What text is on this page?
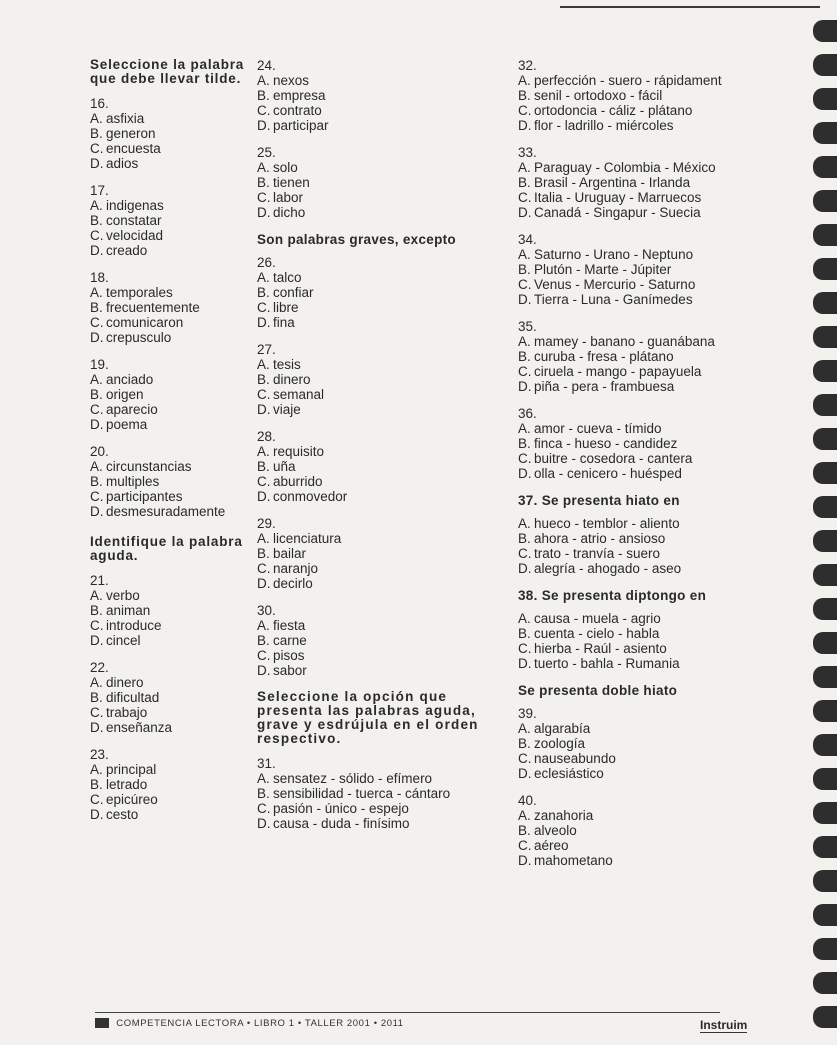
Seleccione la palabra que debe llevar tilde.
16.
A. asfixia
B. generon
C. encuesta
D. adios
17.
A. indigenas
B. constatar
C. velocidad
D. creado
18.
A. temporales
B. frecuentemente
C. comunicaron
D. crepusculo
19.
A. anciado
B. origen
C. aparecio
D. poema
20.
A. circunstancias
B. multiples
C. participantes
D. desmesuradamente
Identifique la palabra aguda.
21.
A. verbo
B. animan
C. introduce
D. cincel
22.
A. dinero
B. dificultad
C. trabajo
D. enseñanza
23.
A. principal
B. letrado
C. epicúreo
D. cesto
24.
A. nexos
B. empresa
C. contrato
D. participar
25.
A. solo
B. tienen
C. labor
D. dicho
Son palabras graves, excepto
26.
A. talco
B. confiar
C. libre
D. fina
27.
A. tesis
B. dinero
C. semanal
D. viaje
28.
A. requisito
B. uña
C. aburrido
D. conmovedor
29.
A. licenciatura
B. bailar
C. naranjo
D. decirlo
30.
A. fiesta
B. carne
C. pisos
D. sabor
Seleccione la opción que presenta las palabras aguda, grave y esdrújula en el orden respectivo.
31.
A. sensatez - sólido - efímero
B. sensibilidad - tuerca - cántaro
C. pasión - único - espejo
D. causa - duda - finísimo
32.
A. perfección - suero - rápidament
B. senil - ortodoxo - fácil
C. ortodoncia - cáliz - plátano
D. flor - ladrillo - miércoles
33.
A. Paraguay - Colombia - México
B. Brasil - Argentina - Irlanda
C. Italia - Uruguay - Marruecos
D. Canadá - Singapur - Suecia
34.
A. Saturno - Urano - Neptuno
B. Plutón - Marte - Júpiter
C. Venus - Mercurio - Saturno
D. Tierra - Luna - Ganímedes
35.
A. mamey - banano - guanábana
B. curuba - fresa - plátano
C. ciruela - mango - papayuela
D. piña - pera - frambuesa
36.
A. amor - cueva - tímido
B. finca - hueso - candidez
C. buitre - cosedora - cantera
D. olla - cenicero - huésped
37. Se presenta hiato en
A. hueco - temblor - aliento
B. ahora - atrio - ansioso
C. trato - tranvía - suero
D. alegría - ahogado - aseo
38. Se presenta diptongo en
A. causa - muela - agrio
B. cuenta - cielo - habla
C. hierba - Raúl - asiento
D. tuerto - bahla - Rumania
Se presenta doble hiato
39.
A. algarabía
B. zoología
C. nauseabundo
D. eclesiástico
40.
A. zanahoria
B. alveolo
C. aéreo
D. mahometano
COMPETENCIA LECTORA • LIBRO 1 • TALLER 2001 • 2011	Instruim
